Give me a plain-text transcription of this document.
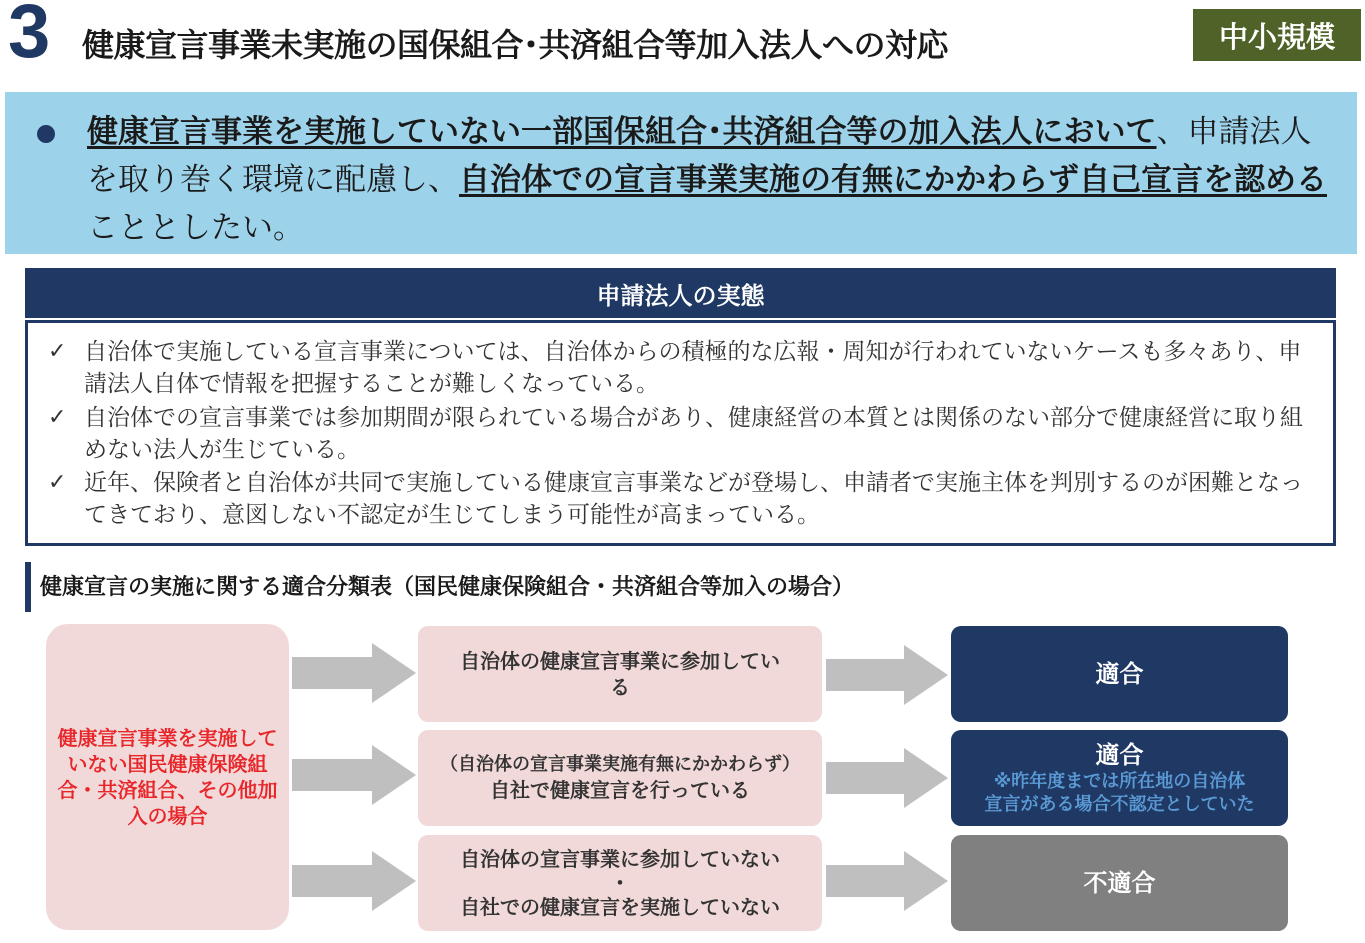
3 健康宣言事業未実施の国保組合･共済組合等加入法人への対応	中小規模
健康宣言事業を実施していない一部国保組合･共済組合等の加入法人において、申請法人を取り巻く環境に配慮し、自治体での宣言事業実施の有無にかかわらず自己宣言を認めることとしたい。
申請法人の実態
✓ 自治体で実施している宣言事業については、自治体からの積極的な広報・周知が行われていないケースも多々あり、申請法人自体で情報を把握することが難しくなっている。
✓ 自治体での宣言事業では参加期間が限られている場合があり、健康経営の本質とは関係のない部分で健康経営に取り組めない法人が生じている。
✓ 近年、保険者と自治体が共同で実施している健康宣言事業などが登場し、申請者で実施主体を判別するのが困難となってきており、意図しない不認定が生じてしまう可能性が高まっている。
健康宣言の実施に関する適合分類表（国民健康保険組合・共済組合等加入の場合）
健康宣言事業を実施していない国民健康保険組合・共済組合、その他加入の場合
自治体の健康宣言事業に参加してい
る
（自治体の宣言事業実施有無にかかわらず）
自社で健康宣言を行っている
自治体の宣言事業に参加していない
・
自社での健康宣言を実施していない
適合
適合
※昨年度までは所在地の自治体
宣言がある場合不認定としていた
不適合
